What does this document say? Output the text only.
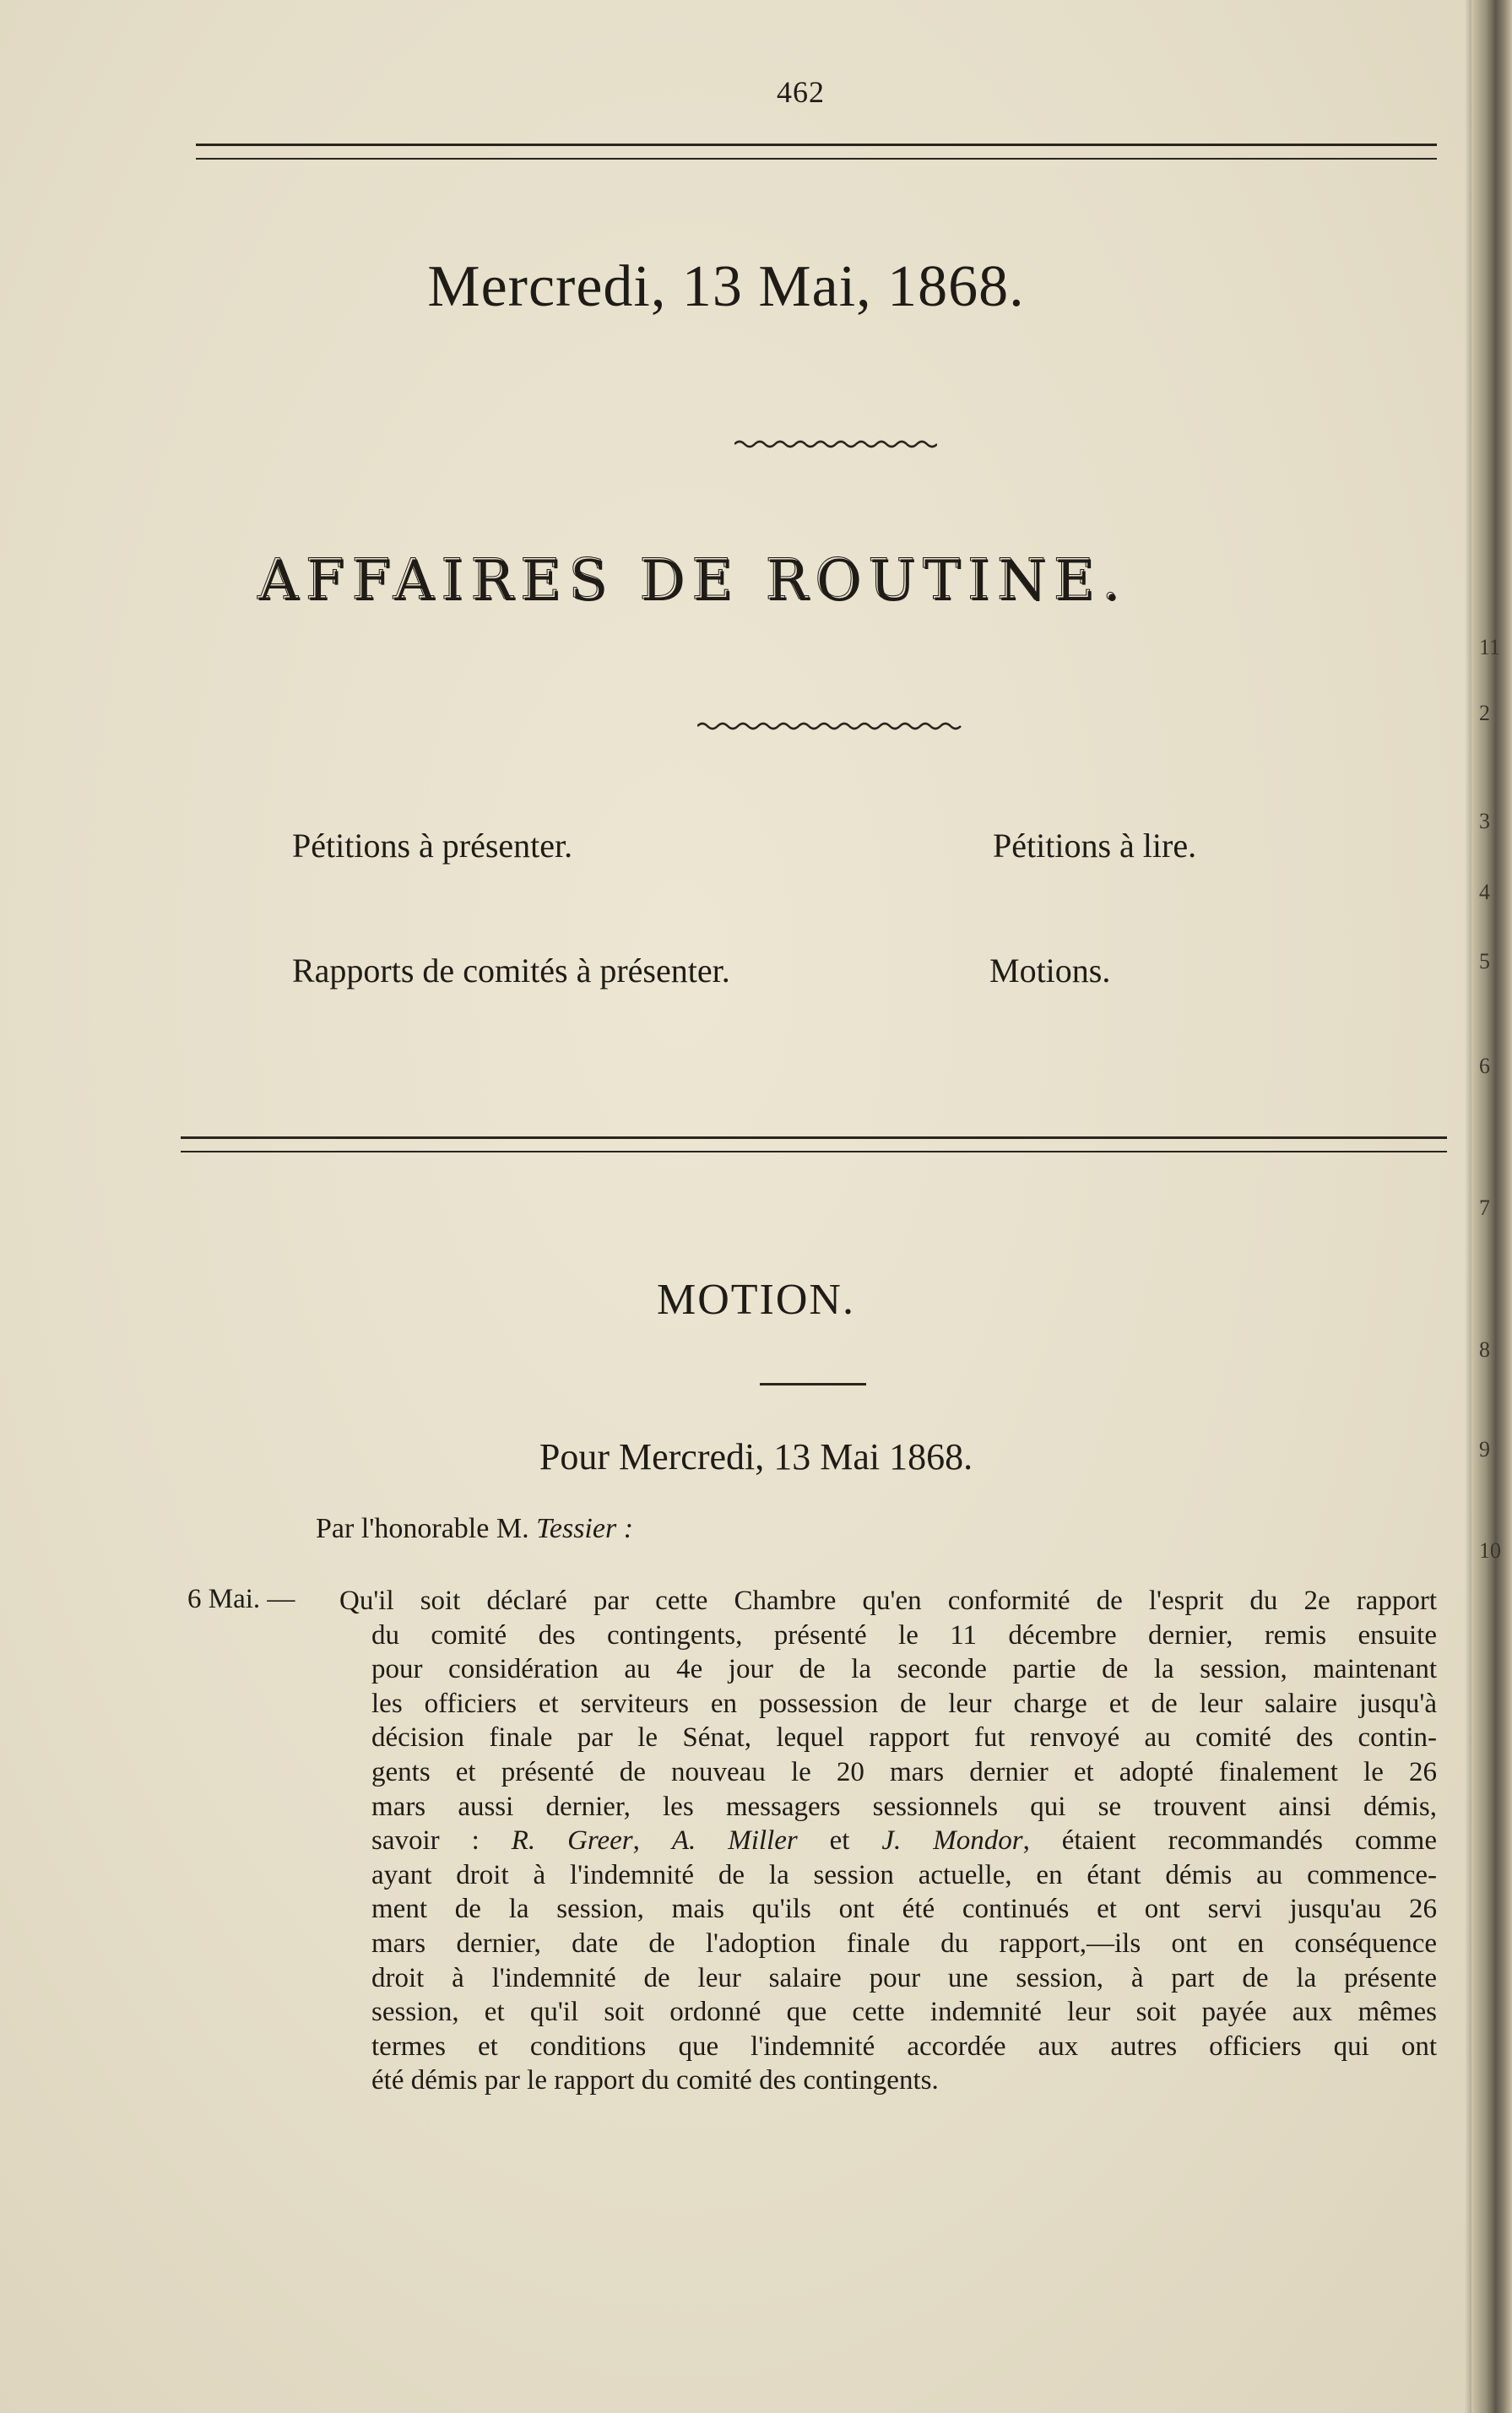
11
2
3
4
5
6
7
8
9
10
462
Mercredi, 13 Mai, 1868.
AFFAIRES DE ROUTINE.
Pétitions à présenter.	Pétitions à lire.
Rapports de comités à présenter.	Motions.
MOTION.
Pour Mercredi, 13 Mai 1868.
Par l'honorable M. Tessier :
6 Mai. — Qu'il soit déclaré par cette Chambre qu'en conformité de l'esprit du 2e rapport
du comité des contingents, présenté le 11 décembre dernier, remis ensuite
pour considération au 4e jour de la seconde partie de la session, maintenant
les officiers et serviteurs en possession de leur charge et de leur salaire jusqu'à
décision finale par le Sénat, lequel rapport fut renvoyé au comité des contin-
gents et présenté de nouveau le 20 mars dernier et adopté finalement le 26
mars aussi dernier, les messagers sessionnels qui se trouvent ainsi démis,
savoir : R. Greer, A. Miller et J. Mondor, étaient recommandés comme
ayant droit à l'indemnité de la session actuelle, en étant démis au commence-
ment de la session, mais qu'ils ont été continués et ont servi jusqu'au 26
mars dernier, date de l'adoption finale du rapport,—ils ont en conséquence
droit à l'indemnité de leur salaire pour une session, à part de la présente
session, et qu'il soit ordonné que cette indemnité leur soit payée aux mêmes
termes et conditions que l'indemnité accordée aux autres officiers qui ont
été démis par le rapport du comité des contingents.
